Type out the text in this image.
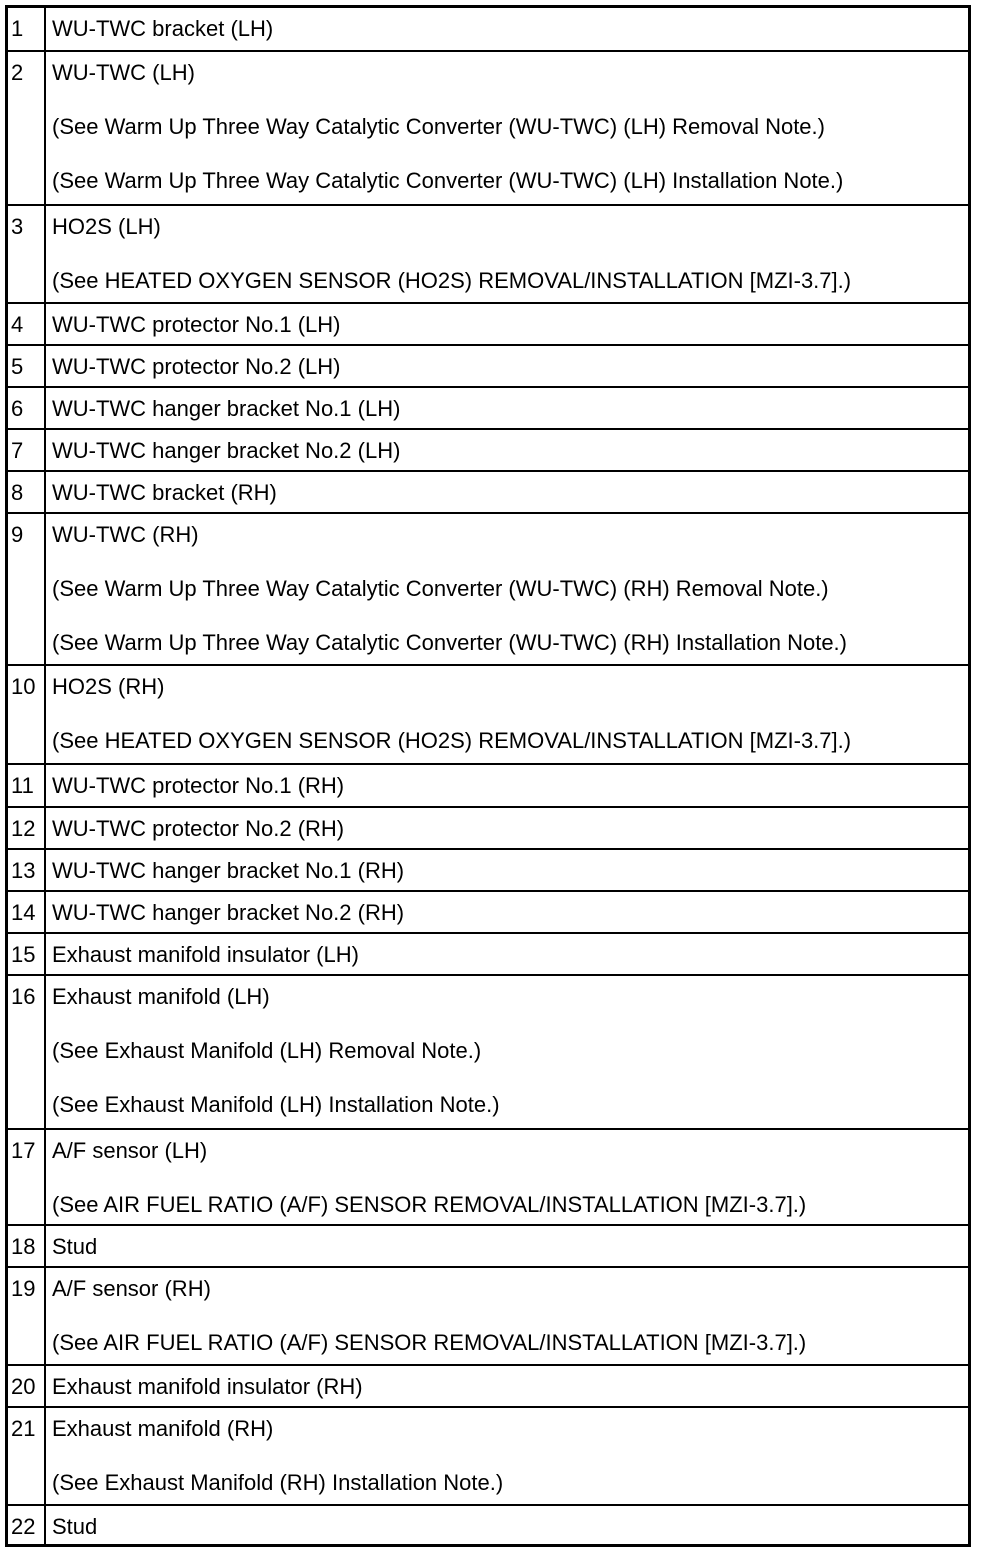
1	WU-TWC bracket (LH)
2	WU-TWC (LH)
(See Warm Up Three Way Catalytic Converter (WU-TWC) (LH) Removal Note.)
(See Warm Up Three Way Catalytic Converter (WU-TWC) (LH) Installation Note.)
3	HO2S (LH)
(See HEATED OXYGEN SENSOR (HO2S) REMOVAL/INSTALLATION [MZI-3.7].)
4	WU-TWC protector No.1 (LH)
5	WU-TWC protector No.2 (LH)
6	WU-TWC hanger bracket No.1 (LH)
7	WU-TWC hanger bracket No.2 (LH)
8	WU-TWC bracket (RH)
9	WU-TWC (RH)
(See Warm Up Three Way Catalytic Converter (WU-TWC) (RH) Removal Note.)
(See Warm Up Three Way Catalytic Converter (WU-TWC) (RH) Installation Note.)
10 HO2S (RH)
(See HEATED OXYGEN SENSOR (HO2S) REMOVAL/INSTALLATION [MZI-3.7].)
11 WU-TWC protector No.1 (RH)
12 WU-TWC protector No.2 (RH)
13 WU-TWC hanger bracket No.1 (RH)
14 WU-TWC hanger bracket No.2 (RH)
15 Exhaust manifold insulator (LH)
16 Exhaust manifold (LH)
(See Exhaust Manifold (LH) Removal Note.)
(See Exhaust Manifold (LH) Installation Note.)
17 A/F sensor (LH)
(See AIR FUEL RATIO (A/F) SENSOR REMOVAL/INSTALLATION [MZI-3.7].)
18 Stud
19 A/F sensor (RH)
(See AIR FUEL RATIO (A/F) SENSOR REMOVAL/INSTALLATION [MZI-3.7].)
20 Exhaust manifold insulator (RH)
21 Exhaust manifold (RH)
(See Exhaust Manifold (RH) Installation Note.)
22 Stud
